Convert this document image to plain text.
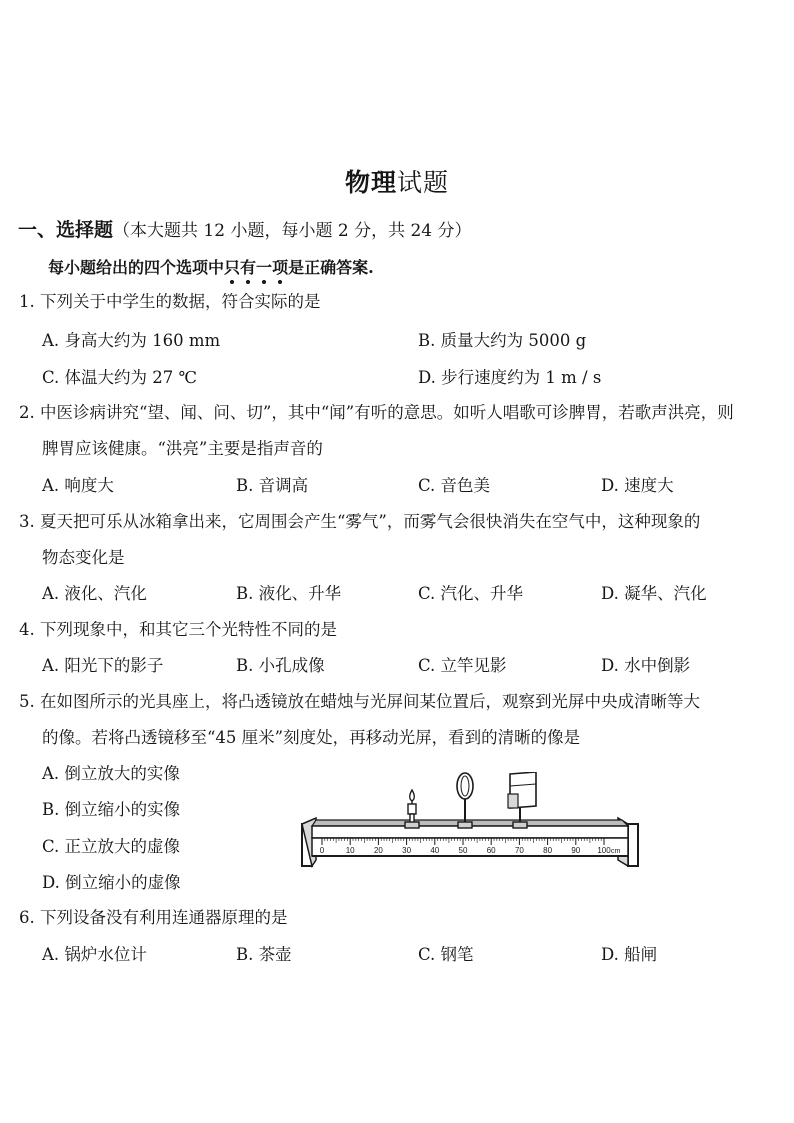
物理试题
一、选择题（本大题共 12 小题，每小题 2 分，共 24 分）
每小题给出的四个选项中只有一项是正确答案.
1. 下列关于中学生的数据，符合实际的是
A. 身高大约为 160 mm	B. 质量大约为 5000 g
C. 体温大约为 27 ℃	D. 步行速度约为 1 m / s
2. 中医诊病讲究“望、闻、问、切”，其中“闻”有听的意思。如听人唱歌可诊脾胃，若歌声洪亮，则
脾胃应该健康。“洪亮”主要是指声音的
A. 响度大	B. 音调高	C. 音色美	D. 速度大
3. 夏天把可乐从冰箱拿出来，它周围会产生“雾气”，而雾气会很快消失在空气中，这种现象的
物态变化是
A. 液化、汽化	B. 液化、升华	C. 汽化、升华	D. 凝华、汽化
4. 下列现象中，和其它三个光特性不同的是
A. 阳光下的影子	B. 小孔成像	C. 立竿见影	D. 水中倒影
5. 在如图所示的光具座上，将凸透镜放在蜡烛与光屏间某位置后，观察到光屏中央成清晰等大
的像。若将凸透镜移至“45 厘米”刻度处，再移动光屏，看到的清晰的像是
A. 倒立放大的实像
B. 倒立缩小的实像
C. 正立放大的虚像
D. 倒立缩小的虚像
0	10 20 30 40 50 60 70 80 90 100 cm
6. 下列设备没有利用连通器原理的是
A. 锅炉水位计	B. 茶壶	C. 钢笔	D. 船闸
